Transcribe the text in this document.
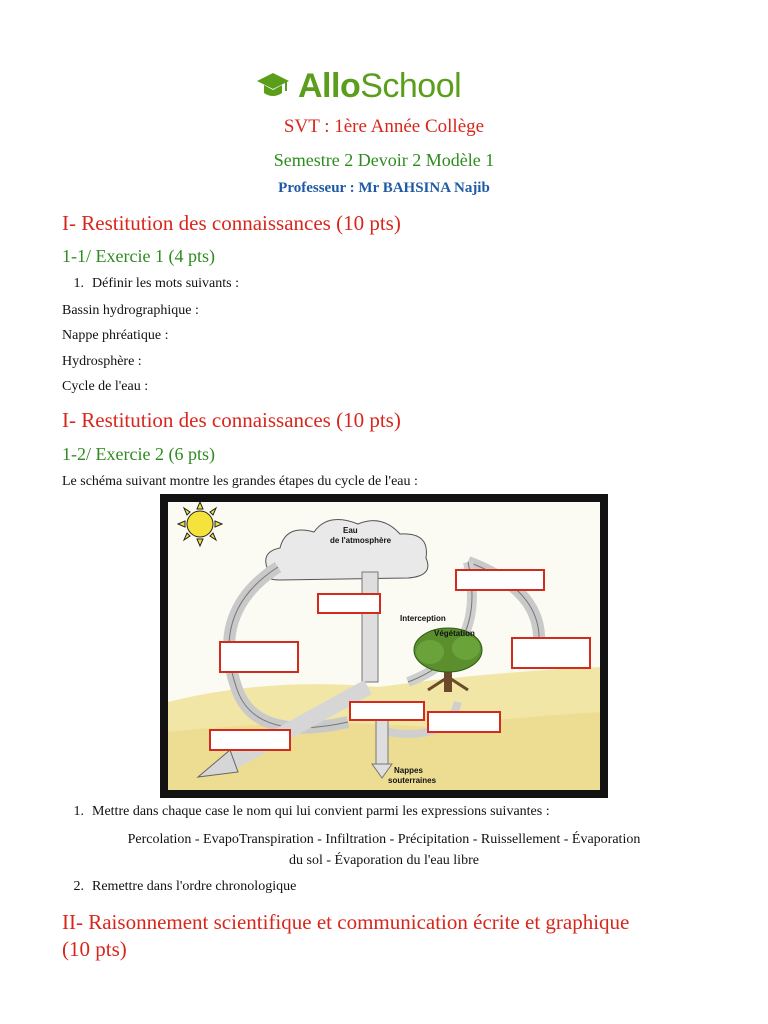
AlloSchool
SVT : 1ère Année Collège
Semestre 2 Devoir 2 Modèle 1
Professeur : Mr BAHSINA Najib
I- Restitution des connaissances (10 pts)
1-1/ Exercie 1 (4 pts)
1. Définir les mots suivants :
Bassin hydrographique :
Nappe phréatique :
Hydrosphère :
Cycle de l'eau :
I- Restitution des connaissances (10 pts)
1-2/ Exercie 2 (6 pts)
Le schéma suivant montre les grandes étapes du cycle de l'eau :
Eau
de l'atmosphère
Interception
Végétation
Nappes
souterraines
1. Mettre dans chaque case le nom qui lui convient parmi les expressions suivantes :
Percolation - EvapoTranspiration - Infiltration - Précipitation - Ruissellement - Évaporation
du sol - Évaporation du l'eau libre
2. Remettre dans l'ordre chronologique
II- Raisonnement scientifique et communication écrite et graphique
(10 pts)
